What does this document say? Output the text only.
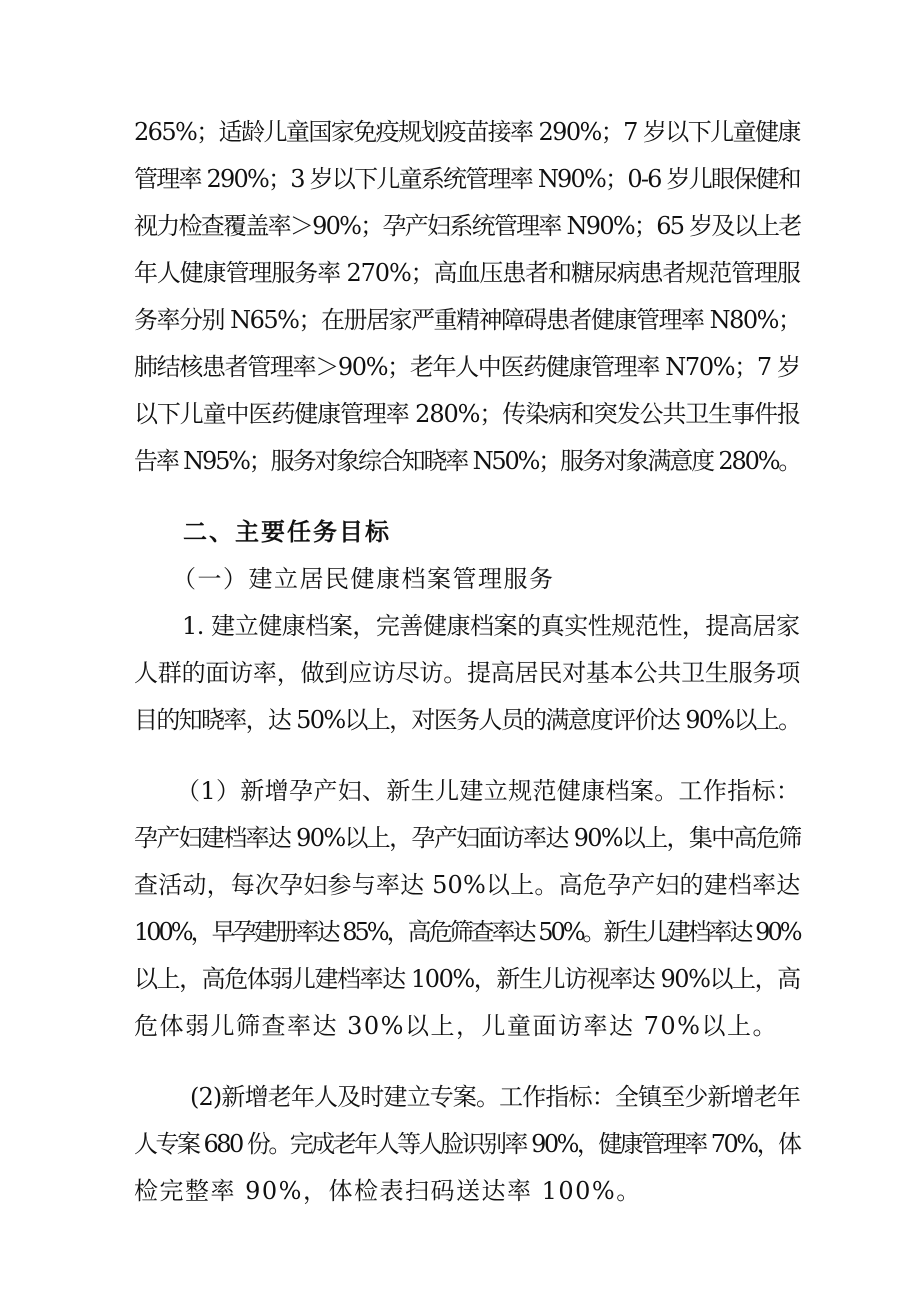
265%；适龄儿童国家免疫规划疫苗接率 290%；7 岁以下儿童健康
管理率 290%；3 岁以下儿童系统管理率 N90%；0-6 岁儿眼保健和
视力检查覆盖率＞90%；孕产妇系统管理率 N90%；65 岁及以上老
年人健康管理服务率 270%；高血压患者和糖尿病患者规范管理服
务率分别 N65%；在册居家严重精神障碍患者健康管理率 N80%；
肺结核患者管理率＞90%；老年人中医药健康管理率 N70%；7 岁
以下儿童中医药健康管理率 280%；传染病和突发公共卫生事件报
告率 N95%；服务对象综合知晓率 N50%；服务对象满意度 280%。
二、主要任务目标
（一）建立居民健康档案管理服务
1. 建立健康档案，完善健康档案的真实性规范性，提高居家
人群的面访率，做到应访尽访。提高居民对基本公共卫生服务项
目的知晓率，达 50%以上，对医务人员的满意度评价达 90%以上。
（1）新增孕产妇、新生儿建立规范健康档案。工作指标：
孕产妇建档率达 90%以上，孕产妇面访率达 90%以上，集中高危筛
查活动，每次孕妇参与率达 50%以上。高危孕产妇的建档率达
100%，早孕建册率达 85%，高危筛查率达 50%。新生儿建档率达 90%
以上，高危体弱儿建档率达 100%，新生儿访视率达 90%以上，高
危体弱儿筛查率达 30%以上，儿童面访率达 70%以上。
(2)新增老年人及时建立专案。工作指标：全镇至少新增老年
人专案 680 份。完成老年人等人脸识别率 90%，健康管理率 70%，体
检完整率 90%，体检表扫码送达率 100%。
